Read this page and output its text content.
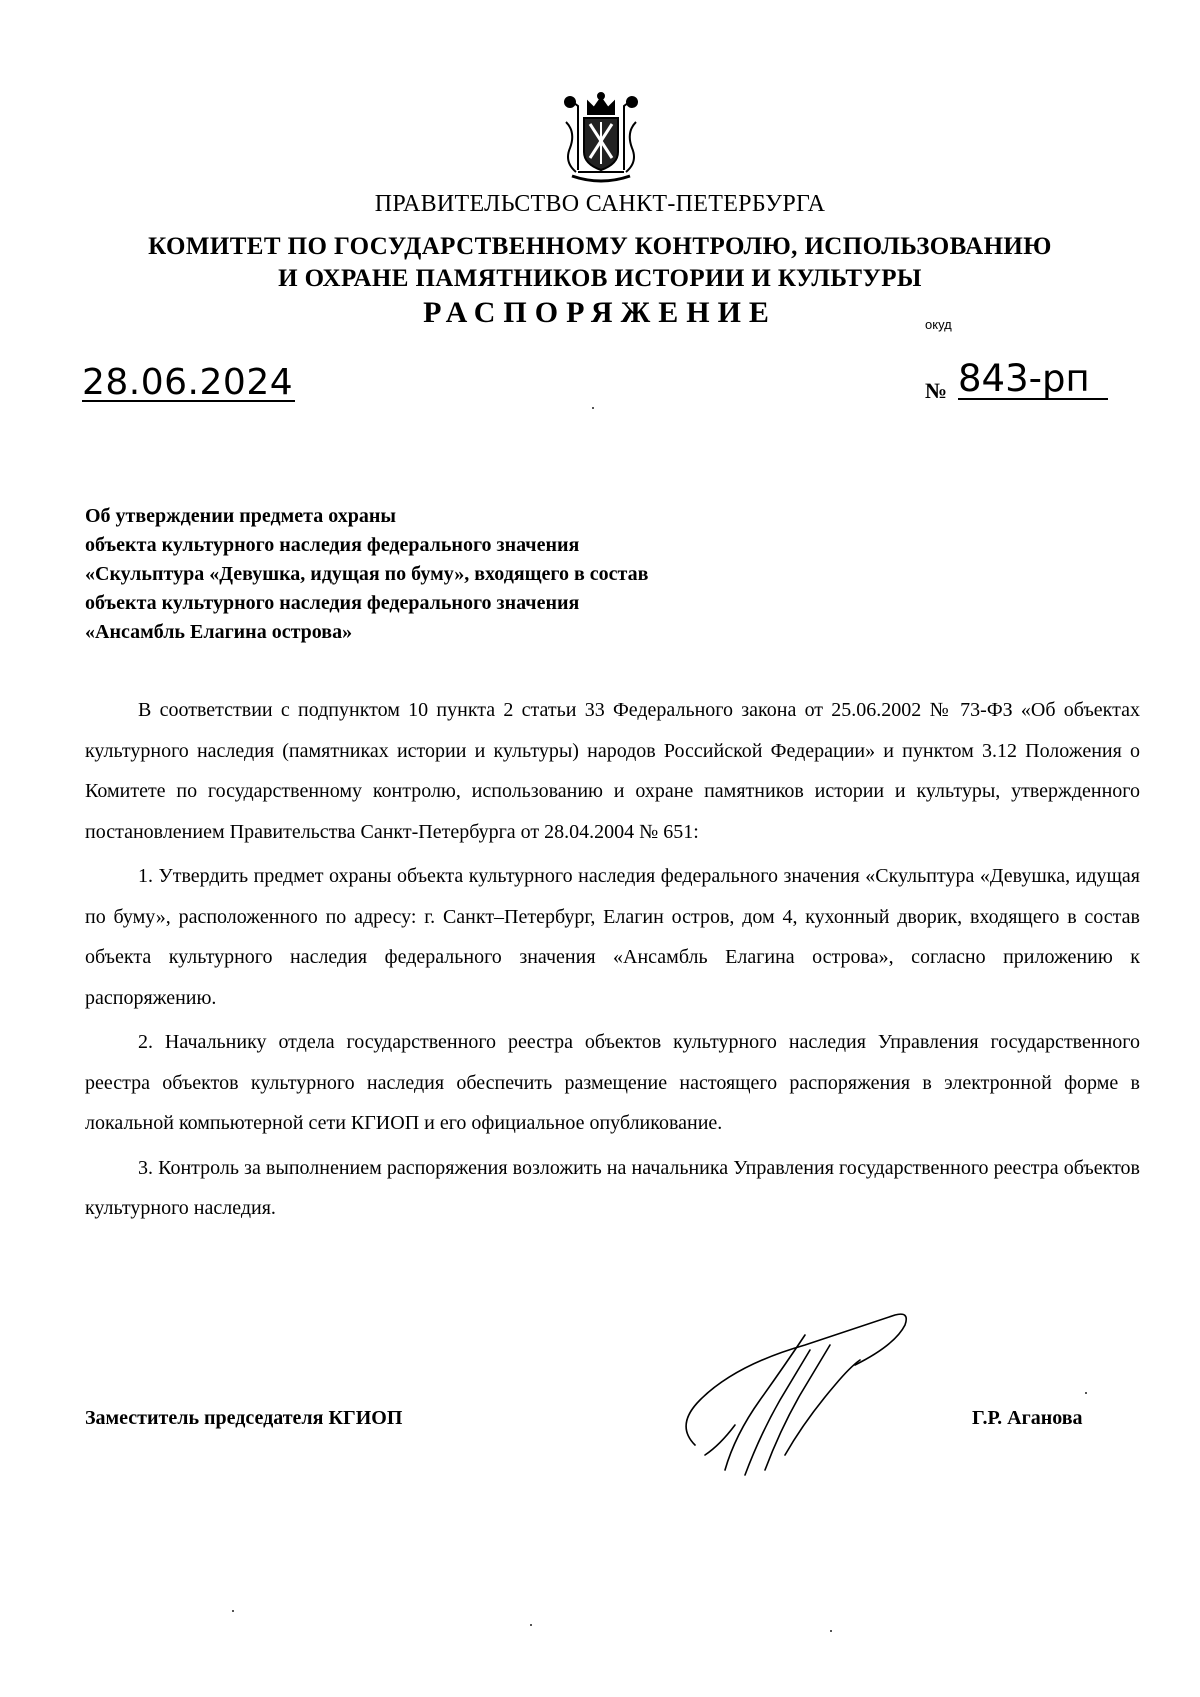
ПРАВИТЕЛЬСТВО САНКТ-ПЕТЕРБУРГА
КОМИТЕТ ПО ГОСУДАРСТВЕННОМУ КОНТРОЛЮ, ИСПОЛЬЗОВАНИЮ
И ОХРАНЕ ПАМЯТНИКОВ ИСТОРИИ И КУЛЬТУРЫ
РАСПОРЯЖЕНИЕ	окуд
28.06.2024	№ 843-рп
Об утверждении предмета охраны
объекта культурного наследия федерального значения
«Скульптура «Девушка, идущая по буму», входящего в состав
объекта культурного наследия федерального значения
«Ансамбль Елагина острова»

В соответствии с подпунктом 10 пункта 2 статьи 33 Федерального закона от 25.06.2002 № 73-ФЗ «Об объектах культурного наследия (памятниках истории и культуры) народов Российской Федерации» и пунктом 3.12 Положения о Комитете по государственному контролю, использованию и охране памятников истории и культуры, утвержденного постановлением Правительства Санкт-Петербурга от 28.04.2004 № 651:

1. Утвердить предмет охраны объекта культурного наследия федерального значения «Скульптура «Девушка, идущая по буму», расположенного по адресу: г. Санкт–Петербург, Елагин остров, дом 4, кухонный дворик, входящего в состав объекта культурного наследия федерального значения «Ансамбль Елагина острова», согласно приложению к распоряжению.

2. Начальнику отдела государственного реестра объектов культурного наследия Управления государственного реестра объектов культурного наследия обеспечить размещение настоящего распоряжения в электронной форме в локальной компьютерной сети КГИОП и его официальное опубликование.

3. Контроль за выполнением распоряжения возложить на начальника Управления государственного реестра объектов культурного наследия.

Заместитель председателя КГИОП	Г.Р. Аганова
